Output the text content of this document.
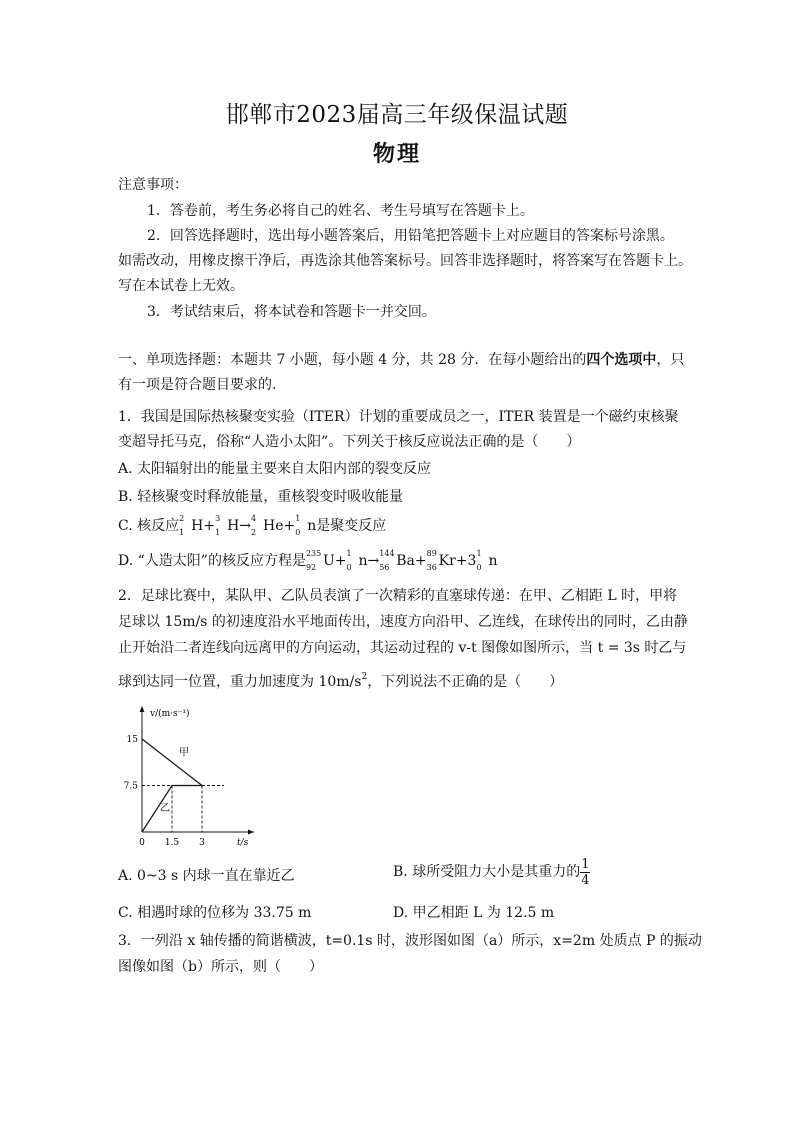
邯郸市2023届高三年级保温试题
物理
注意事项：
1．答卷前，考生务必将自己的姓名、考生号填写在答题卡上。
2．回答选择题时，选出每小题答案后，用铅笔把答题卡上对应题目的答案标号涂黑。
如需改动，用橡皮擦干净后，再选涂其他答案标号。回答非选择题时，将答案写在答题卡上。
写在本试卷上无效。
3．考试结束后，将本试卷和答题卡一并交回。
一、单项选择题：本题共 7 小题，每小题 4 分，共 28 分．在每小题给出的四个选项中，只
有一项是符合题目要求的.
1．我国是国际热核聚变实验（ITER）计划的重要成员之一，ITER 装置是一个磁约束核聚
变超导托马克，俗称“人造小太阳”。下列关于核反应说法正确的是（　　）
A. 太阳辐射出的能量主要来自太阳内部的裂变反应
B. 轻核聚变时释放能量，重核裂变时吸收能量
C. 核反应 2
1 H+ 3
1 H→ 4
2 He+ 1
0 n是聚变反应
D. “人造太阳”的核反应方程是 235
92 U+ 1
0 n→ 144
56 Ba+ 89
36 Kr+3 1
0 n
2．足球比赛中，某队甲、乙队员表演了一次精彩的直塞球传递：在甲、乙相距 L 时，甲将
足球以 15m/s 的初速度沿水平地面传出，速度方向沿甲、乙连线，在球传出的同时，乙由静
止开始沿二者连线向远离甲的方向运动，其运动过程的 v-t 图像如图所示，当 t = 3s 时乙与
球到达同一位置，重力加速度为 $10m/s^2$，下列说法不正确的是（　　）
v/(m·s⁻¹)
t/s
0 1.5 3
15
7.5
甲
乙
A. 0~3 s 内球一直在靠近乙	B. 球所受阻力大小是其重力的 $\frac{1}{4}$
C. 相遇时球的位移为 33.75 m	D. 甲乙相距 L 为 12.5 m
3．一列沿 x 轴传播的简谐横波，t=0.1s 时，波形图如图（a）所示，x=2m 处质点 P 的振动
图像如图（b）所示，则（　　）
